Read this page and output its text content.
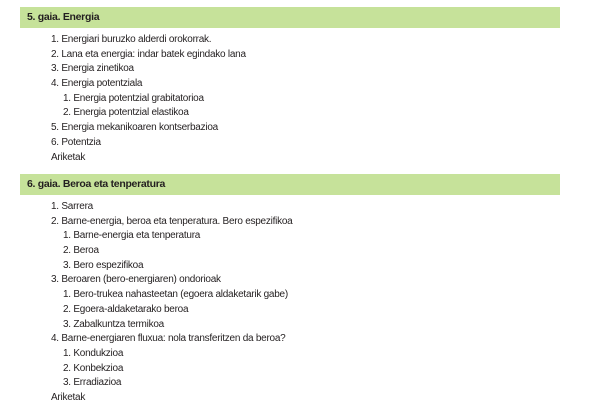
5. gaia. Energia
1. Energiari buruzko alderdi orokorrak.
2. Lana eta energia: indar batek egindako lana
3. Energia zinetikoa
4. Energia potentziala
1. Energia potentzial grabitatorioa
2. Energia potentzial elastikoa
5. Energia mekanikoaren kontserbazioa
6. Potentzia
Ariketak
6. gaia. Beroa eta tenperatura
1. Sarrera
2. Barne-energia, beroa eta tenperatura. Bero espezifikoa
1. Barne-energia eta tenperatura
2. Beroa
3. Bero espezifikoa
3. Beroaren (bero-energiaren) ondorioak
1. Bero-trukea nahasteetan (egoera aldaketarik gabe)
2. Egoera-aldaketarako beroa
3. Zabalkuntza termikoa
4. Barne-energiaren fluxua: nola transferitzen da beroa?
1. Kondukzioa
2. Konbekzioa
3. Erradiazioa
Ariketak
